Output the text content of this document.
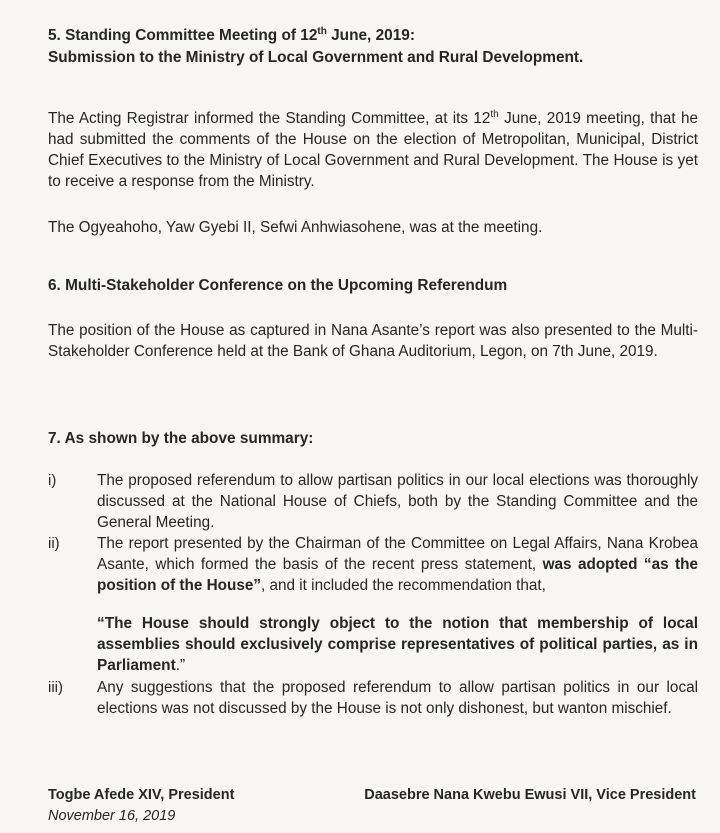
5. Standing Committee Meeting of 12th June, 2019:
Submission to the Ministry of Local Government and Rural Development.

The Acting Registrar informed the Standing Committee, at its 12th June, 2019 meeting, that he had submitted the comments of the House on the election of Metropolitan, Municipal, District Chief Executives to the Ministry of Local Government and Rural Development. The House is yet to receive a response from the Ministry.

The Ogyeahoho, Yaw Gyebi II, Sefwi Anhwiasohene, was at the meeting.

6. Multi-Stakeholder Conference on the Upcoming Referendum

The position of the House as captured in Nana Asante’s report was also presented to the Multi-Stakeholder Conference held at the Bank of Ghana Auditorium, Legon, on 7th June, 2019.

7. As shown by the above summary:
i)	The proposed referendum to allow partisan politics in our local elections was thoroughly discussed at the National House of Chiefs, both by the Standing Committee and the General Meeting.
ii) The report presented by the Chairman of the Committee on Legal Affairs, Nana Krobea Asante, which formed the basis of the recent press statement, was adopted “as the position of the House”, and it included the recommendation that,
“The House should strongly object to the notion that membership of local assemblies should exclusively comprise representatives of political parties, as in Parliament.”
iii) Any suggestions that the proposed referendum to allow partisan politics in our local elections was not discussed by the House is not only dishonest, but wanton mischief.
Togbe Afede XIV, President	Daasebre Nana Kwebu Ewusi VII, Vice President
November 16, 2019
